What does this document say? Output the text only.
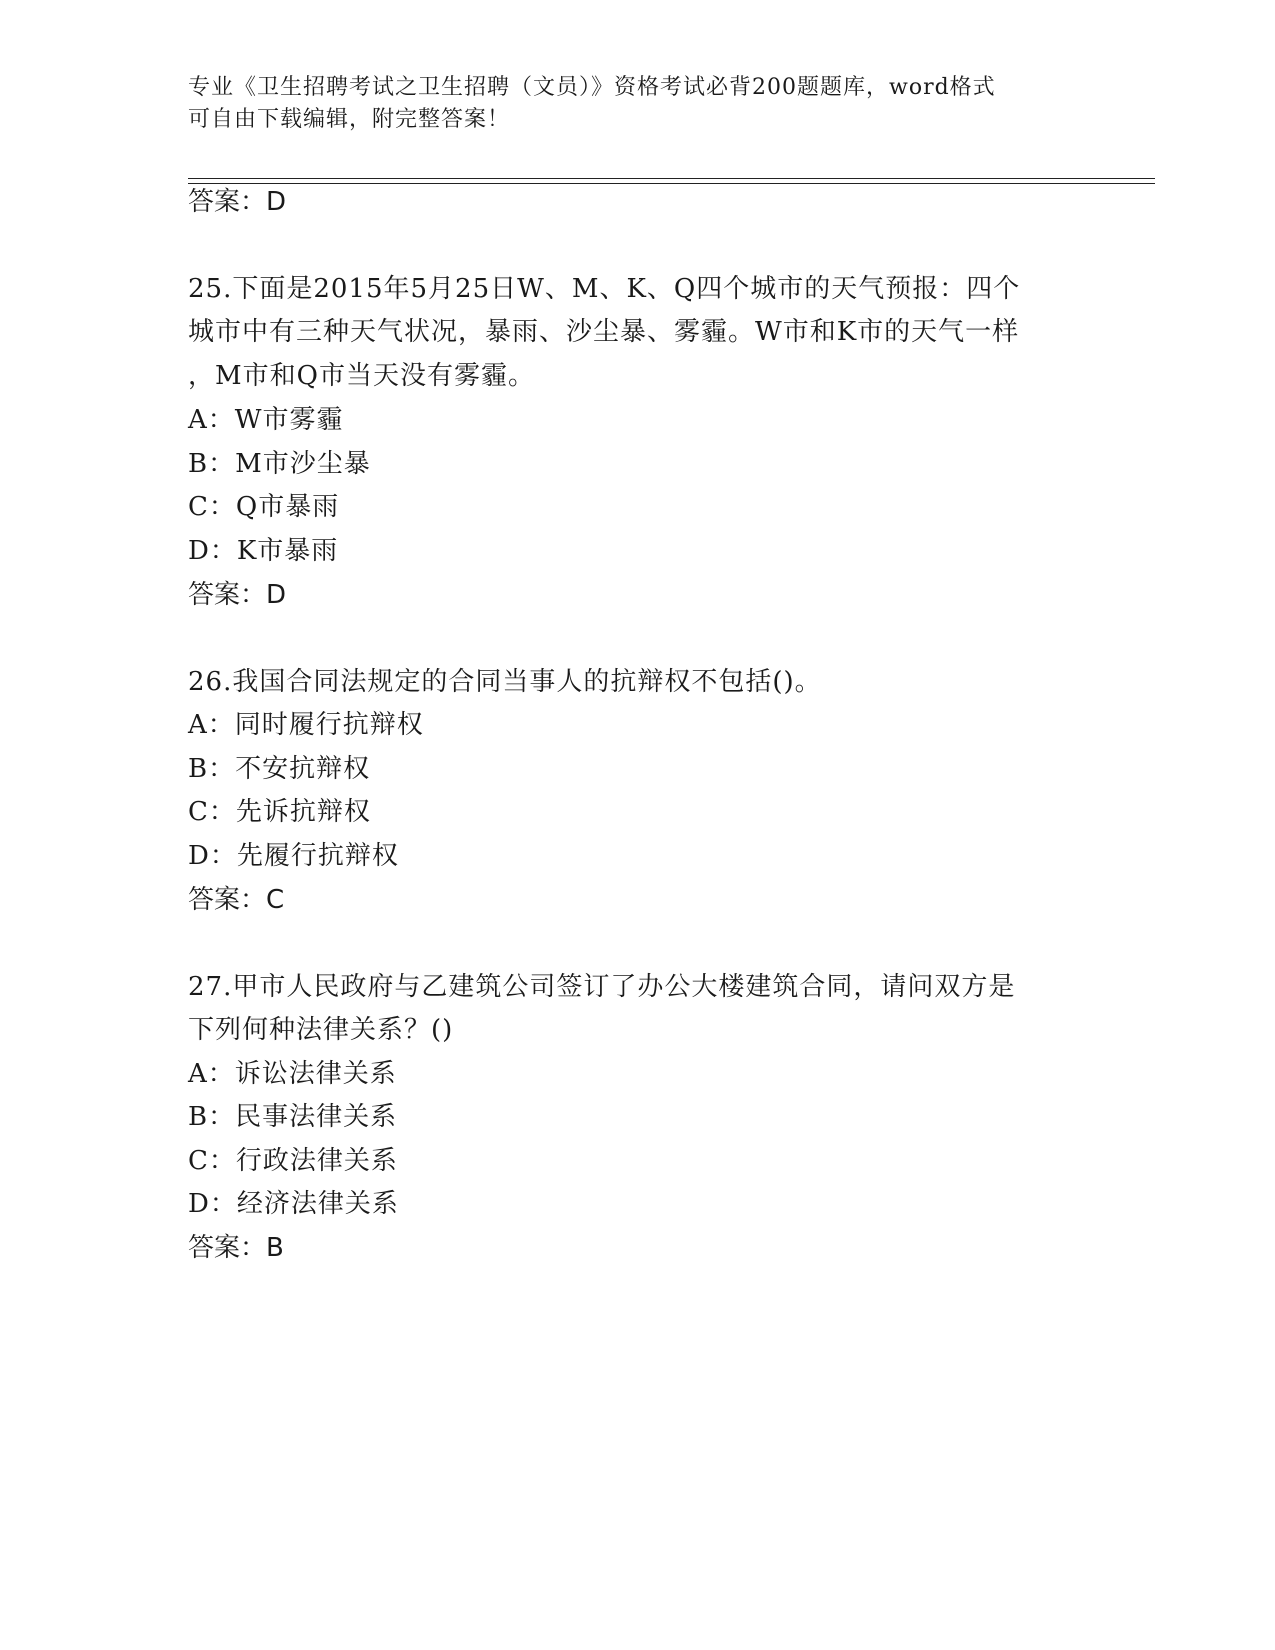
专业《卫生招聘考试之卫生招聘（文员）》资格考试必背200题题库，word格式
可自由下载编辑，附完整答案！
答案：D
25.下面是2015年5月25日W、M、K、Q四个城市的天气预报：四个
城市中有三种天气状况，暴雨、沙尘暴、雾霾。W市和K市的天气一样
，M市和Q市当天没有雾霾。
A：W市雾霾
B：M市沙尘暴
C：Q市暴雨
D：K市暴雨
答案：D
26.我国合同法规定的合同当事人的抗辩权不包括()。
A：同时履行抗辩权
B：不安抗辩权
C：先诉抗辩权
D：先履行抗辩权
答案：C
27.甲市人民政府与乙建筑公司签订了办公大楼建筑合同，请问双方是
下列何种法律关系？()
A：诉讼法律关系
B：民事法律关系
C：行政法律关系
D：经济法律关系
答案：B
